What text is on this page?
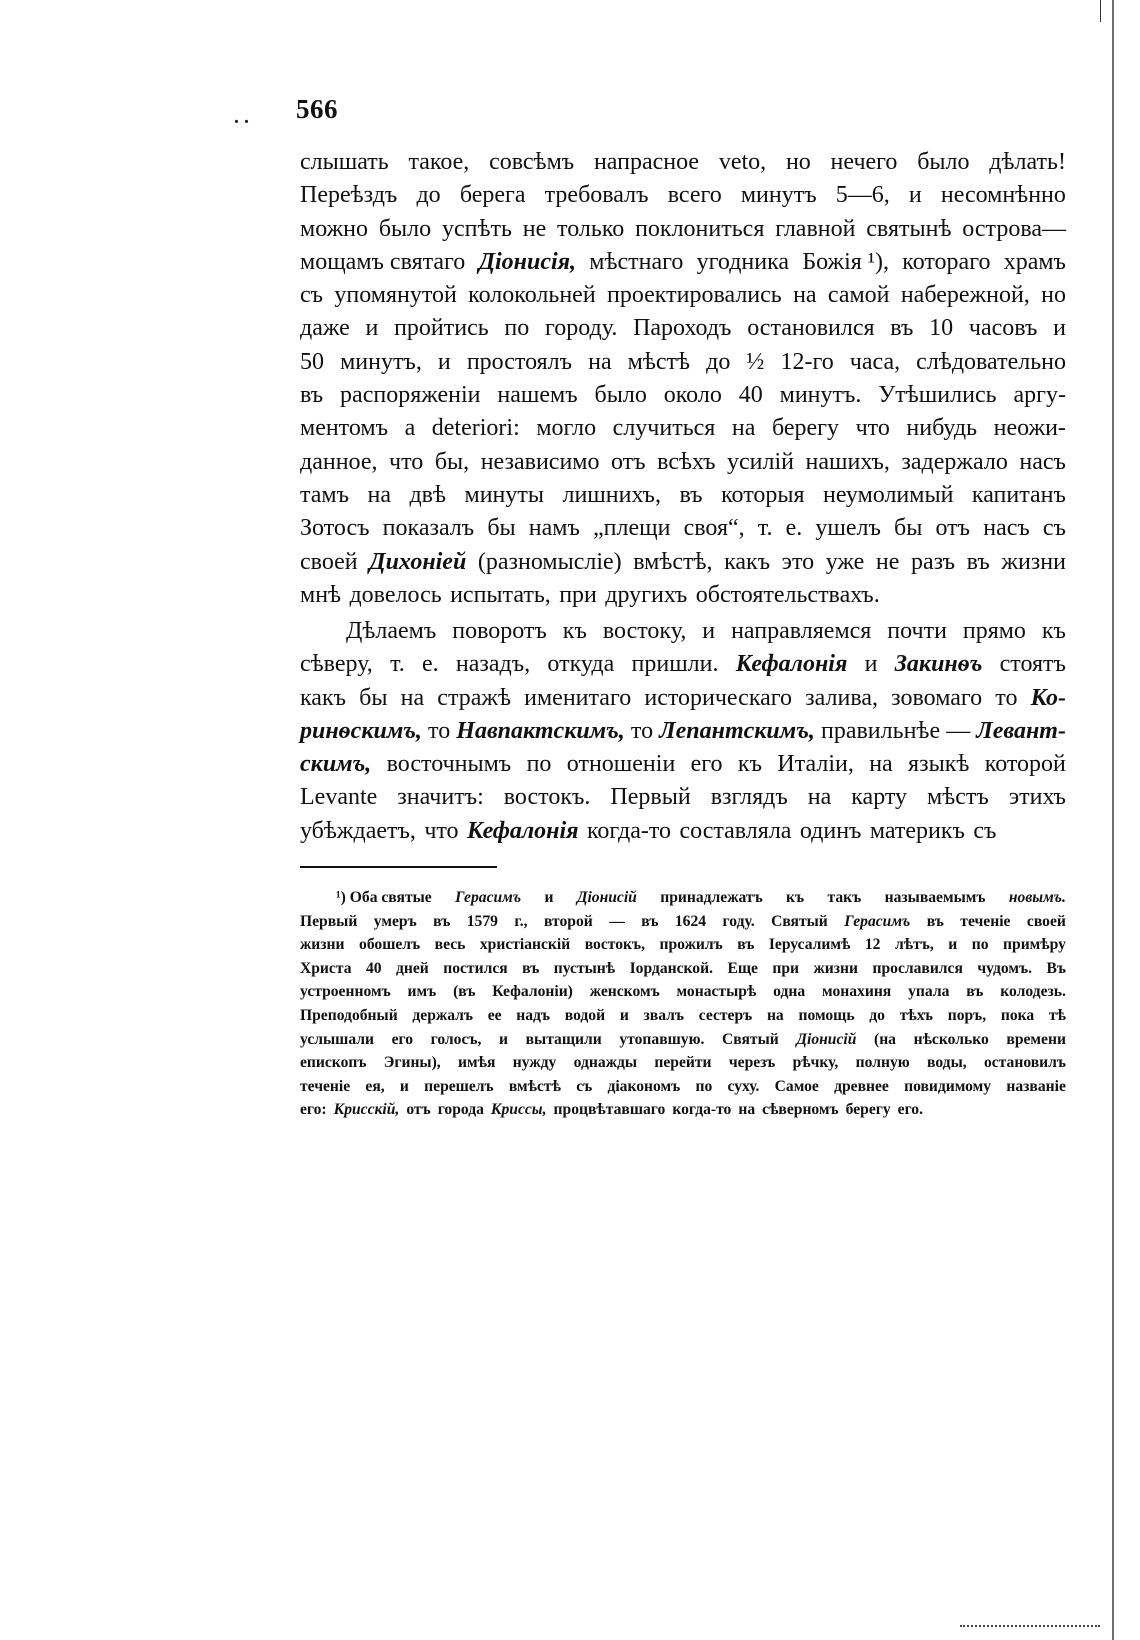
. . 566
слышать такое, совсѣмъ напрасное veto, но нечего было дѣлать!
Переѣздъ до берега требовалъ всего минутъ 5—6, и несомнѣнно
можно было успѣть не только поклониться главной святынѣ острова—
мощамъ святаго Діонисія, мѣстнаго угодника Божія ¹), котораго храмъ
съ упомянутой колокольней проектировались на самой набережной, но
даже и пройтись по городу. Пароходъ остановился въ 10 часовъ и
50 минутъ, и простоялъ на мѣстѣ до ½ 12-го часа, слѣдовательно
въ распоряженіи нашемъ было около 40 минутъ. Утѣшились аргу-
ментомъ a deteriori: могло случиться на берегу что нибудь неожи-
данное, что бы, независимо отъ всѣхъ усилій нашихъ, задержало насъ
тамъ на двѣ минуты лишнихъ, въ которыя неумолимый капитанъ
Зотосъ показалъ бы намъ „плещи своя“, т. е. ушелъ бы отъ насъ съ
своей Дихоніей (разномысліе) вмѣстѣ, какъ это уже не разъ въ жизни
мнѣ довелось испытать, при другихъ обстоятельствахъ.
Дѣлаемъ поворотъ къ востоку, и направляемся почти прямо къ
сѣверу, т. е. назадъ, откуда пришли. Кефалонія и Закинѳъ стоятъ
какъ бы на стражѣ именитаго историческаго залива, зовомаго то Ко-
ринѳскимъ, то Навпактскимъ, то Лепантскимъ, правильнѣе — Левант-
скимъ, восточнымъ по отношеніи его къ Италіи, на языкѣ которой
Levante значитъ: востокъ. Первый взглядъ на карту мѣстъ этихъ
убѣждаетъ, что Кефалонія когда-то составляла одинъ материкъ съ
¹) Оба святые Герасимъ и Діонисій принадлежатъ къ такъ называемымъ новымъ.
Первый умеръ въ 1579 г., второй — въ 1624 году. Святый Герасимъ въ теченіе своей
жизни обошелъ весь христіанскій востокъ, прожилъ въ Іерусалимѣ 12 лѣтъ, и по примѣру
Христа 40 дней постился въ пустынѣ Іорданской. Еще при жизни прославился чудомъ. Въ
устроенномъ имъ (въ Кефалоніи) женскомъ монастырѣ одна монахиня упала въ колодезь.
Преподобный держалъ ее надъ водой и звалъ сестеръ на помощь до тѣхъ поръ, пока тѣ
услышали его голосъ, и вытащили утопавшую. Святый Діонисій (на нѣсколько времени
епископъ Эгины), имѣя нужду однажды перейти черезъ рѣчку, полную воды, остановилъ
теченіе ея, и перешелъ вмѣстѣ съ діакономъ по суху. Самое древнее повидимому названіе
его: Крисскій, отъ города Криссы, процвѣтавшаго когда-то на сѣверномъ берегу его.
